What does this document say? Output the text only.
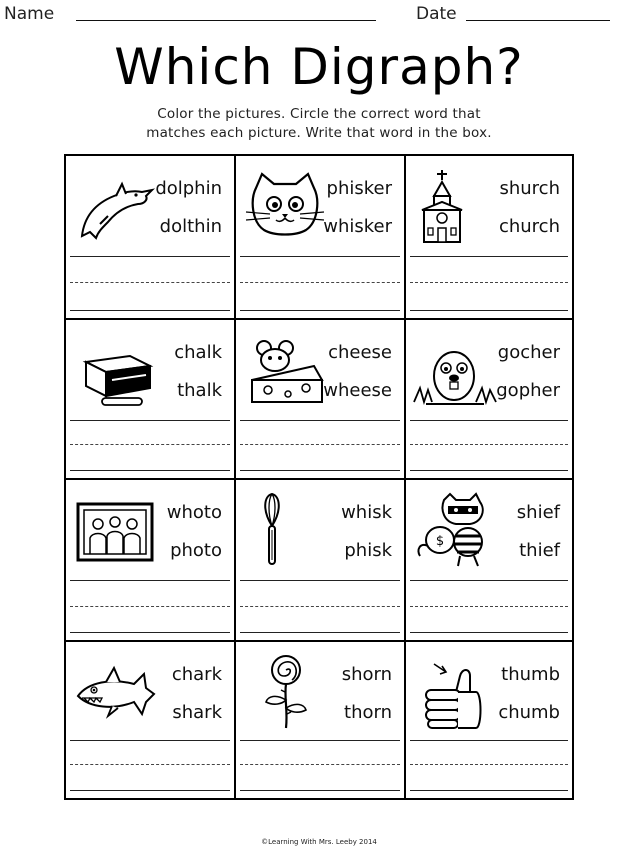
Name	Date
Which Digraph?
Color the pictures. Circle the correct word that
matches each picture. Write that word in the box.
dolphin
dolthin
phisker
whisker
shurch
church
chalk
thalk
cheese
wheese
gocher
gopher
whoto
photo
whisk
phisk	$
shief
thief
chark
shark
shorn
thorn
thumb
chumb
©Learning With Mrs. Leeby 2014
